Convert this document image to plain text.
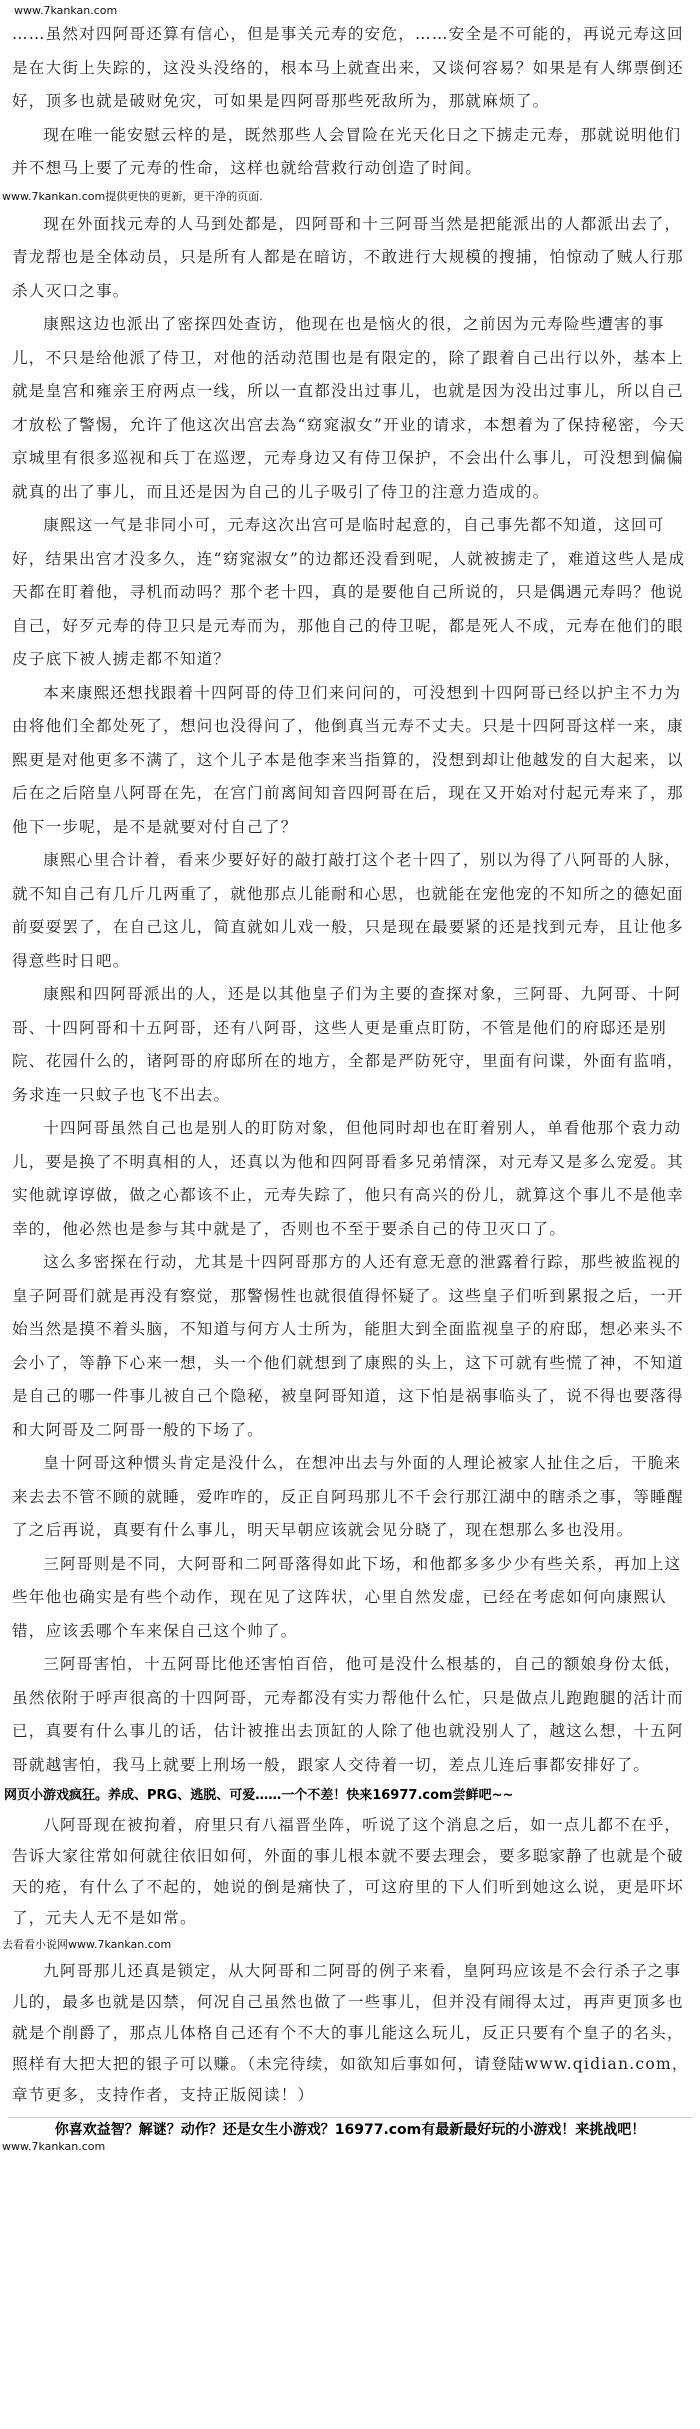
www.7kankan.com

……虽然对四阿哥还算有信心，但是事关元寿的安危，……安全是不可能的，再说元寿这回是在大街上失踪的，这没头没络的，根本马上就查出来，又谈何容易？如果是有人绑票倒还好，顶多也就是破财免灾，可如果是四阿哥那些死敌所为，那就麻烦了。

现在唯一能安慰云梓的是，既然那些人会冒险在光天化日之下掳走元寿，那就说明他们并不想马上要了元寿的性命，这样也就给营救行动创造了时间。

www.7kankan.com提供更快的更新，更干净的页面.

现在外面找元寿的人马到处都是，四阿哥和十三阿哥当然是把能派出的人都派出去了，青龙帮也是全体动员，只是所有人都是在暗访，不敢进行大规模的搜捕，怕惊动了贼人行那杀人灭口之事。

康熙这边也派出了密探四处查访，他现在也是恼火的很，之前因为元寿险些遭害的事儿，不只是给他派了侍卫，对他的活动范围也是有限定的，除了跟着自己出行以外，基本上就是皇宫和雍亲王府两点一线，所以一直都没出过事儿，也就是因为没出过事儿，所以自己才放松了警惕，允许了他这次出宫去為“窈窕淑女”开业的请求，本想着为了保持秘密，今天京城里有很多巡视和兵丁在巡逻，元寿身边又有侍卫保护，不会出什么事儿，可没想到偏偏就真的出了事儿，而且还是因为自己的儿子吸引了侍卫的注意力造成的。

康熙这一气是非同小可，元寿这次出宫可是临时起意的，自己事先都不知道，这回可好，结果出宫才没多久，连“窈窕淑女”的边都还没看到呢，人就被掳走了，难道这些人是成天都在盯着他，寻机而动吗？那个老十四，真的是要他自己所说的，只是偶遇元寿吗？他说自己，好歹元寿的侍卫只是元寿而为，那他自己的侍卫呢，都是死人不成，元寿在他们的眼皮子底下被人掳走都不知道？

本来康熙还想找跟着十四阿哥的侍卫们来问问的，可没想到十四阿哥已经以护主不力为由将他们全都处死了，想问也没得问了，他倒真当元寿不丈夫。只是十四阿哥这样一来，康熙更是对他更多不满了，这个儿子本是他李来当指算的，没想到却让他越发的自大起来，以后在之后陪皇八阿哥在先，在宫门前离间知音四阿哥在后，现在又开始对付起元寿来了，那他下一步呢，是不是就要对付自己了？

康熙心里合计着，看来少要好好的敲打敲打这个老十四了，别以为得了八阿哥的人脉，就不知自己有几斤几两重了，就他那点儿能耐和心思，也就能在宠他宠的不知所之的德妃面前耍耍罢了，在自己这儿，简直就如儿戏一般，只是现在最要紧的还是找到元寿，且让他多得意些时日吧。

康熙和四阿哥派出的人，还是以其他皇子们为主要的查探对象，三阿哥、九阿哥、十阿哥、十四阿哥和十五阿哥，还有八阿哥，这些人更是重点盯防，不管是他们的府邸还是别院、花园什么的，诸阿哥的府邸所在的地方，全都是严防死守，里面有问谍，外面有监哨，务求连一只蚊子也飞不出去。

十四阿哥虽然自己也是别人的盯防对象，但他同时却也在盯着别人，单看他那个袁力动儿，要是换了不明真相的人，还真以为他和四阿哥看多兄弟情深，对元寿又是多么宠爱。其实他就谆谆做，做之心都该不止，元寿失踪了，他只有高兴的份儿，就算这个事儿不是他幸幸的，他必然也是参与其中就是了，否则也不至于要杀自己的侍卫灭口了。

这么多密探在行动，尤其是十四阿哥那方的人还有意无意的泄露着行踪，那些被监视的皇子阿哥们就是再没有察觉，那警惕性也就很值得怀疑了。这些皇子们听到累报之后，一开始当然是摸不着头脑，不知道与何方人士所为，能胆大到全面监视皇子的府邸，想必来头不会小了，等静下心来一想，头一个他们就想到了康熙的头上，这下可就有些慌了神，不知道是自己的哪一件事儿被自己个隐秘，被皇阿哥知道，这下怕是祸事临头了，说不得也要落得和大阿哥及二阿哥一般的下场了。

皇十阿哥这种惯头肯定是没什么，在想冲出去与外面的人理论被家人扯住之后，干脆来来去去不管不顾的就睡，爱咋咋的，反正自阿玛那儿不千会行那江湖中的瞎杀之事，等睡醒了之后再说，真要有什么事儿，明天早朝应该就会见分晓了，现在想那么多也没用。

三阿哥则是不同，大阿哥和二阿哥落得如此下场，和他都多多少少有些关系，再加上这些年他也确实是有些个动作，现在见了这阵状，心里自然发虚，已经在考虑如何向康熙认错，应该丢哪个车来保自己这个帅了。

三阿哥害怕，十五阿哥比他还害怕百倍，他可是没什么根基的，自己的额娘身份太低，虽然依附于呼声很高的十四阿哥，元寿都没有实力帮他什么忙，只是做点儿跑跑腿的活计而已，真要有什么事儿的话，估计被推出去顶缸的人除了他也就没别人了，越这么想，十五阿哥就越害怕，我马上就要上刑场一般，跟家人交待着一切，差点儿连后事都安排好了。

网页小游戏疯狂。养成、PRG、逃脱、可爱……一个不差！快来16977.com尝鲜吧~~

八阿哥现在被拘着，府里只有八福晋坐阵，听说了这个消息之后，如一点儿都不在乎，告诉大家往常如何就往依旧如何，外面的事儿根本就不要去理会，要多聪家静了也就是个破天的疮，有什么了不起的，她说的倒是痛快了，可这府里的下人们听到她这么说，更是吓坏了，元夫人无不是如常。

去看看小说网www.7kankan.com

九阿哥那儿还真是锁定，从大阿哥和二阿哥的例子来看，皇阿玛应该是不会行杀子之事儿的，最多也就是囚禁，何况自己虽然也做了一些事儿，但并没有闹得太过，再声更顶多也就是个削爵了，那点儿体格自己还有个不大的事儿能这么玩儿，反正只要有个皇子的名头，照样有大把大把的银子可以赚。（未完待续，如欲知后事如何，请登陆www.qidian.com，章节更多，支持作者，支持正版阅读！）

你喜欢益智？解谜？动作？还是女生小游戏？16977.com有最新最好玩的小游戏！来挑战吧！
www.7kankan.com
